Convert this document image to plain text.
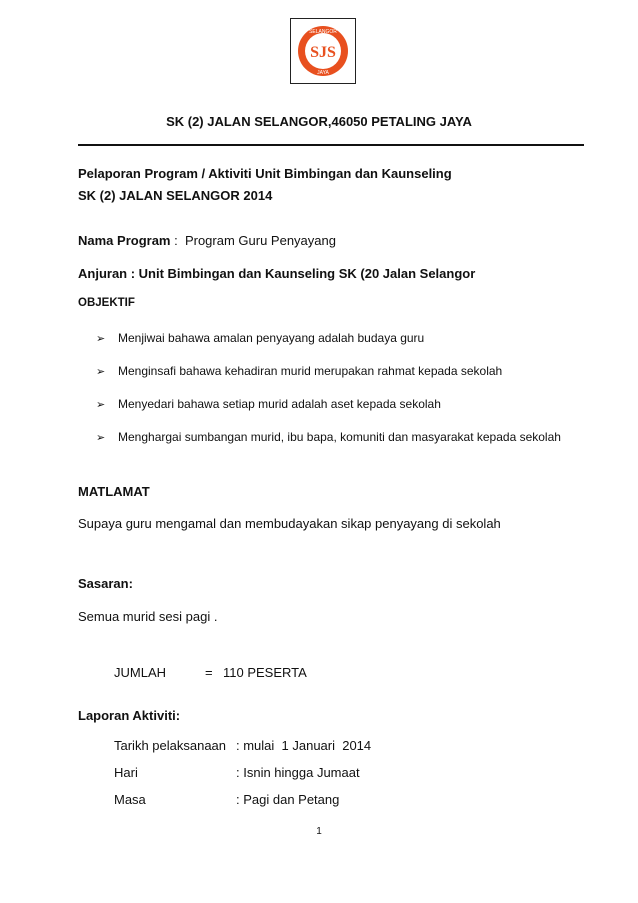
SJS
SELANGOR
JAYA
SK (2) JALAN SELANGOR,46050 PETALING JAYA
Pelaporan Program / Aktiviti Unit Bimbingan dan Kaunseling
SK (2) JALAN SELANGOR 2014
Nama Program :  Program Guru Penyayang
Anjuran : Unit Bimbingan dan Kaunseling SK (20 Jalan Selangor
OBJEKTIF
➢ Menjiwai bahawa amalan penyayang adalah budaya guru
➢ Menginsafi bahawa kehadiran murid merupakan rahmat kepada sekolah
➢ Menyedari bahawa setiap murid adalah aset kepada sekolah
➢ Menghargai sumbangan murid, ibu bapa, komuniti dan masyarakat kepada sekolah
MATLAMAT
Supaya guru mengamal dan membudayakan sikap penyayang di sekolah
Sasaran:
Semua murid sesi pagi .
JUMLAH	= 110 PESERTA
Laporan Aktiviti:
Tarikh pelaksanaan : mulai  1 Januari  2014
Hari	: Isnin hingga Jumaat
Masa	: Pagi dan Petang
1
